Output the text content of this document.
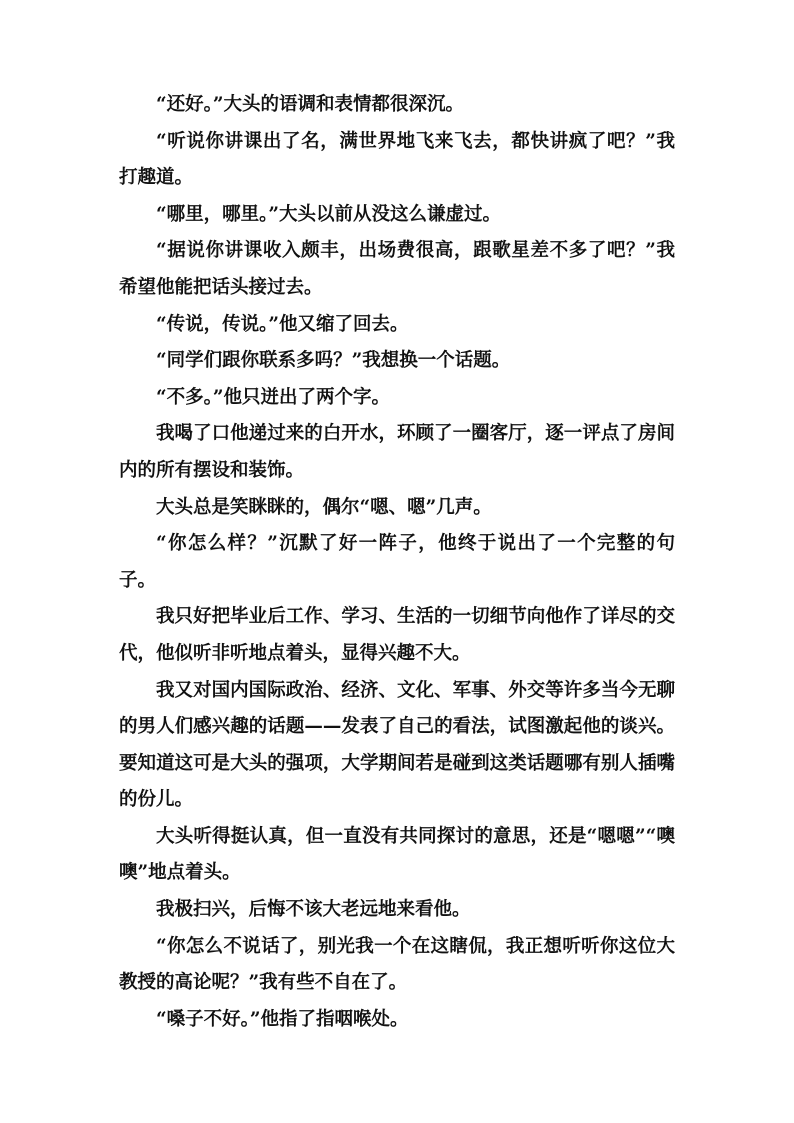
“还好。”大头的语调和表情都很深沉。

“听说你讲课出了名，满世界地飞来飞去，都快讲疯了吧？”我打趣道。

“哪里，哪里。”大头以前从没这么谦虚过。

“据说你讲课收入颇丰，出场费很高，跟歌星差不多了吧？”我希望他能把话头接过去。

“传说，传说。”他又缩了回去。

“同学们跟你联系多吗？”我想换一个话题。

“不多。”他只迸出了两个字。

我喝了口他递过来的白开水，环顾了一圈客厅，逐一评点了房间内的所有摆设和装饰。

大头总是笑眯眯的，偶尔“嗯、嗯”几声。

“你怎么样？”沉默了好一阵子，他终于说出了一个完整的句子。

我只好把毕业后工作、学习、生活的一切细节向他作了详尽的交代，他似听非听地点着头，显得兴趣不大。

我又对国内国际政治、经济、文化、军事、外交等许多当今无聊的男人们感兴趣的话题——发表了自己的看法，试图激起他的谈兴。要知道这可是大头的强项，大学期间若是碰到这类话题哪有别人插嘴的份儿。

大头听得挺认真，但一直没有共同探讨的意思，还是“嗯嗯”“噢噢”地点着头。

我极扫兴，后悔不该大老远地来看他。

“你怎么不说话了，别光我一个在这瞎侃，我正想听听你这位大教授的高论呢？”我有些不自在了。

“嗓子不好。”他指了指咽喉处。
